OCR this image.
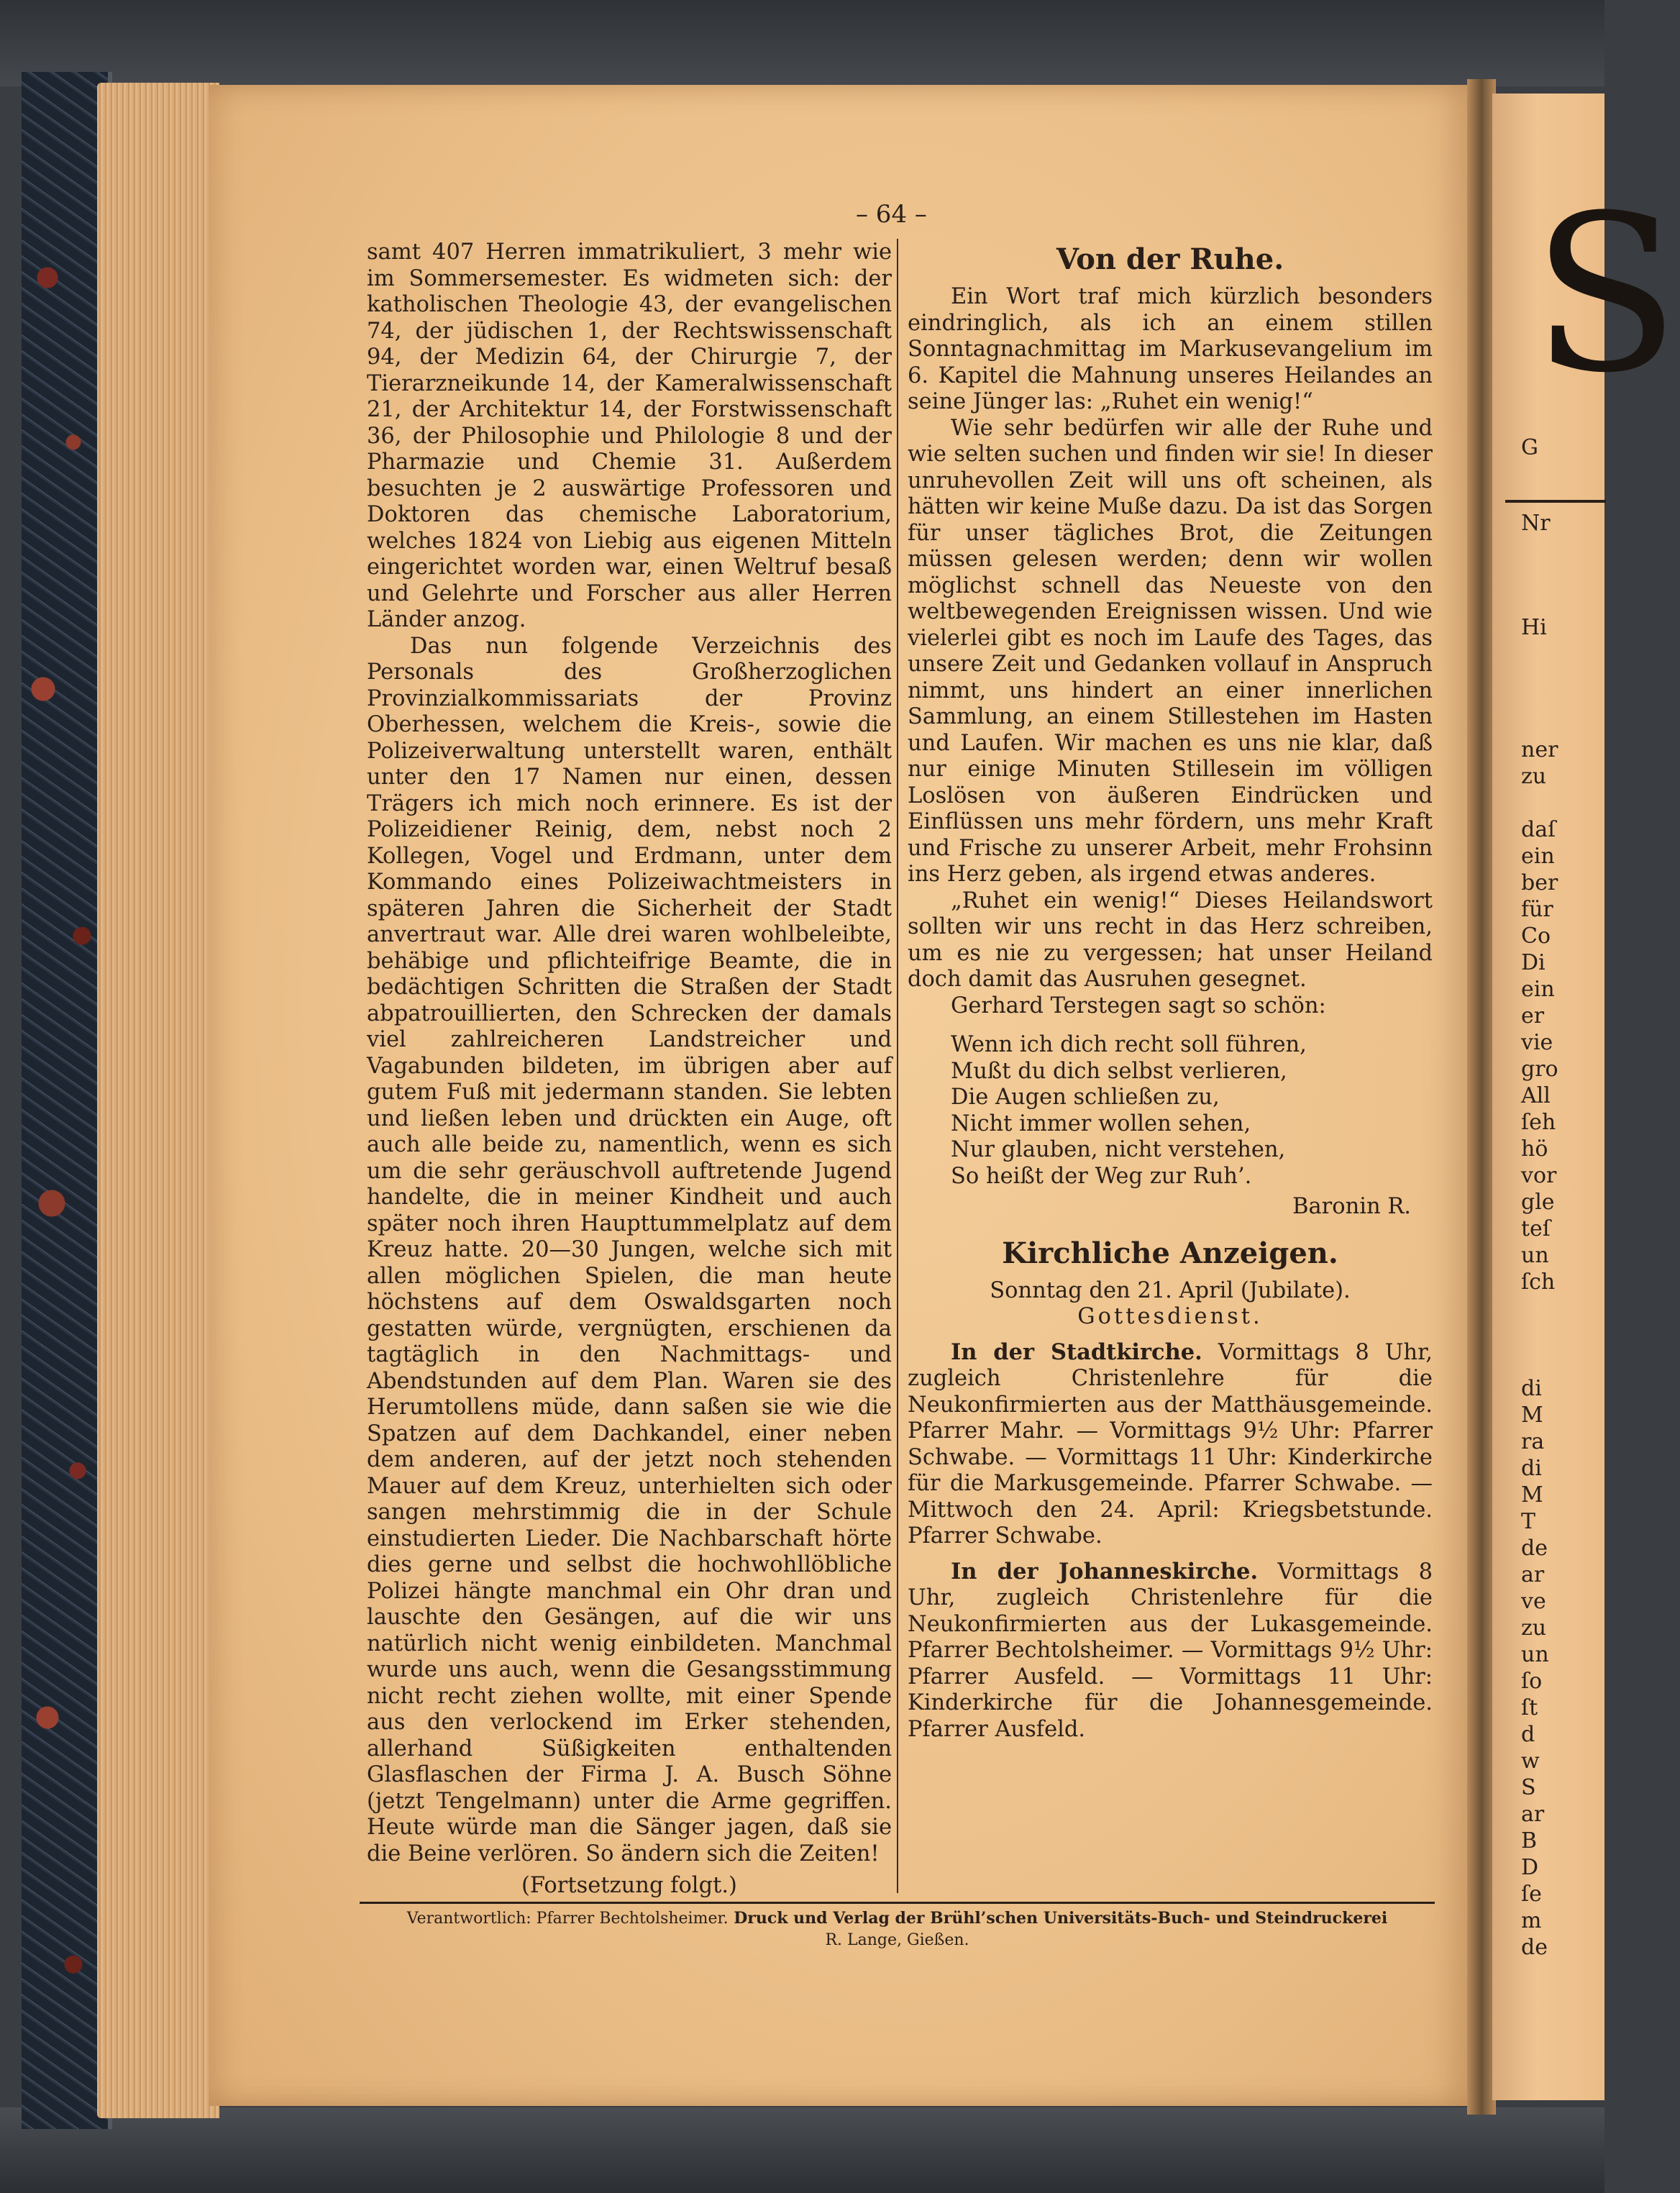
S
G
Nr
Hi
ner
zu
daſ
ein
ber
für
Co
Di
ein
er
vie
gro
All
ſeh
hö
vor
gle
teſ
un
ſch
di
M
ra
di
M
T
de
ar
ve
zu
un
ſo
ſt
d
w
S
ar
B
D
ſe
m
de
– 64 –

samt 407 Herren immatrikuliert, 3 mehr wie im Sommersemester. Es widmeten sich: der katholischen Theologie 43, der evangelischen 74, der jüdischen 1, der Rechtswissenschaft 94, der Medizin 64, der Chirurgie 7, der Tierarzneikunde 14, der Kameralwissenschaft 21, der Architektur 14, der Forstwissenschaft 36, der Philosophie und Philologie 8 und der Pharmazie und Chemie 31. Außerdem besuchten je 2 auswärtige Professoren und Doktoren das chemische Laboratorium, welches 1824 von Liebig aus eigenen Mitteln eingerichtet worden war, einen Weltruf besaß und Gelehrte und Forscher aus aller Herren Länder anzog.

Das nun folgende Verzeichnis des Personals des Großherzoglichen Provinzialkommissariats der Provinz Oberhessen, welchem die Kreis-, sowie die Polizeiverwaltung unterstellt waren, enthält unter den 17 Namen nur einen, dessen Trägers ich mich noch erinnere. Es ist der Polizeidiener Reinig, dem, nebst noch 2 Kollegen, Vogel und Erdmann, unter dem Kommando eines Polizeiwachtmeisters in späteren Jahren die Sicherheit der Stadt anvertraut war. Alle drei waren wohlbeleibte, behäbige und pflichteifrige Beamte, die in bedächtigen Schritten die Straßen der Stadt abpatrouillierten, den Schrecken der damals viel zahlreicheren Landstreicher und Vagabunden bildeten, im übrigen aber auf gutem Fuß mit jedermann standen. Sie lebten und ließen leben und drückten ein Auge, oft auch alle beide zu, namentlich, wenn es sich um die sehr geräuschvoll auftretende Jugend handelte, die in meiner Kindheit und auch später noch ihren Haupttummelplatz auf dem Kreuz hatte. 20—30 Jungen, welche sich mit allen möglichen Spielen, die man heute höchstens auf dem Oswaldsgarten noch gestatten würde, vergnügten, erschienen da tagtäglich in den Nachmittags- und Abendstunden auf dem Plan. Waren sie des Herumtollens müde, dann saßen sie wie die Spatzen auf dem Dachkandel, einer neben dem anderen, auf der jetzt noch stehenden Mauer auf dem Kreuz, unterhielten sich oder sangen mehrstimmig die in der Schule einstudierten Lieder. Die Nachbarschaft hörte dies gerne und selbst die hochwohllöbliche Polizei hängte manchmal ein Ohr dran und lauschte den Gesängen, auf die wir uns natürlich nicht wenig einbildeten. Manchmal wurde uns auch, wenn die Gesangsstimmung nicht recht ziehen wollte, mit einer Spende aus den verlockend im Erker stehenden, allerhand Süßigkeiten enthaltenden Glasflaschen der Firma J. A. Busch Söhne (jetzt Tengelmann) unter die Arme gegriffen. Heute würde man die Sänger jagen, daß sie die Beine verlören. So ändern sich die Zeiten!

(Fortsetzung folgt.)

Von der Ruhe.

Ein Wort traf mich kürzlich besonders eindringlich, als ich an einem stillen Sonntagnachmittag im Markusevangelium im 6. Kapitel die Mahnung unseres Heilandes an seine Jünger las: „Ruhet ein wenig!“

Wie sehr bedürfen wir alle der Ruhe und wie selten suchen und finden wir sie! In dieser unruhevollen Zeit will uns oft scheinen, als hätten wir keine Muße dazu. Da ist das Sorgen für unser tägliches Brot, die Zeitungen müssen gelesen werden; denn wir wollen möglichst schnell das Neueste von den weltbewegenden Ereignissen wissen. Und wie vielerlei gibt es noch im Laufe des Tages, das unsere Zeit und Gedanken vollauf in Anspruch nimmt, uns hindert an einer innerlichen Sammlung, an einem Stillestehen im Hasten und Laufen. Wir machen es uns nie klar, daß nur einige Minuten Stillesein im völligen Loslösen von äußeren Eindrücken und Einflüssen uns mehr fördern, uns mehr Kraft und Frische zu unserer Arbeit, mehr Frohsinn ins Herz geben, als irgend etwas anderes.

„Ruhet ein wenig!“ Dieses Heilandswort sollten wir uns recht in das Herz schreiben, um es nie zu vergessen; hat unser Heiland doch damit das Ausruhen gesegnet.

Gerhard Terstegen sagt so schön:

Wenn ich dich recht soll führen,
Mußt du dich selbst verlieren,
Die Augen schließen zu,
Nicht immer wollen sehen,
Nur glauben, nicht verstehen,
So heißt der Weg zur Ruh’.

Baronin R.

Kirchliche Anzeigen.

Sonntag den 21. April (Jubilate).

Gottesdienst.

In der Stadtkirche. Vormittags 8 Uhr, zugleich Christenlehre für die Neukonfirmierten aus der Matthäusgemeinde. Pfarrer Mahr. — Vormittags 9½ Uhr: Pfarrer Schwabe. — Vormittags 11 Uhr: Kinderkirche für die Markusgemeinde. Pfarrer Schwabe. — Mittwoch den 24. April: Kriegsbetstunde. Pfarrer Schwabe.

In der Johanneskirche. Vormittags 8 Uhr, zugleich Christenlehre für die Neukonfirmierten aus der Lukasgemeinde. Pfarrer Bechtolsheimer. — Vormittags 9½ Uhr: Pfarrer Ausfeld. — Vormittags 11 Uhr: Kinderkirche für die Johannesgemeinde. Pfarrer Ausfeld.

Verantwortlich: Pfarrer Bechtolsheimer. Druck und Verlag der Brühl’schen Universitäts-Buch- und Steindruckerei
R. Lange, Gießen.
